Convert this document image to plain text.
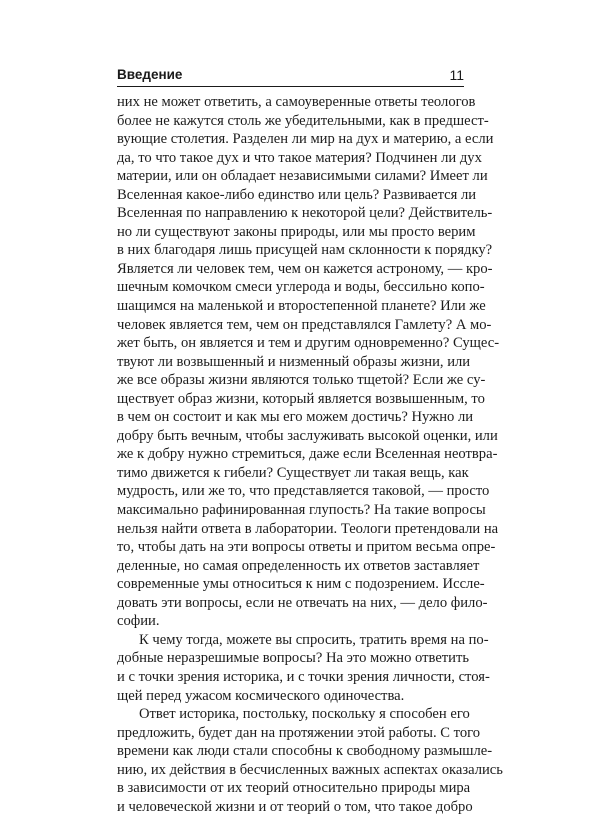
Введение	11

них не может ответить, а самоуверенные ответы теологов
более не кажутся столь же убедительными, как в предшест-
вующие столетия. Разделен ли мир на дух и материю, а если
да, то что такое дух и что такое материя? Подчинен ли дух
материи, или он обладает независимыми силами? Имеет ли
Вселенная какое-либо единство или цель? Развивается ли
Вселенная по направлению к некоторой цели? Действитель-
но ли существуют законы природы, или мы просто верим
в них благодаря лишь присущей нам склонности к порядку?
Является ли человек тем, чем он кажется астроному, — кро-
шечным комочком смеси углерода и воды, бессильно копо-
шащимся на маленькой и второстепенной планете? Или же
человек является тем, чем он представлялся Гамлету? А мо-
жет быть, он является и тем и другим одновременно? Сущес-
твуют ли возвышенный и низменный образы жизни, или
же все образы жизни являются только тщетой? Если же су-
ществует образ жизни, который является возвышенным, то
в чем он состоит и как мы его можем достичь? Нужно ли
добру быть вечным, чтобы заслуживать высокой оценки, или
же к добру нужно стремиться, даже если Вселенная неотвра-
тимо движется к гибели? Существует ли такая вещь, как
мудрость, или же то, что представляется таковой, — просто
максимально рафинированная глупость? На такие вопросы
нельзя найти ответа в лаборатории. Теологи претендовали на
то, чтобы дать на эти вопросы ответы и притом весьма опре-
деленные, но самая определенность их ответов заставляет
современные умы относиться к ним с подозрением. Исслe-
довать эти вопросы, если не отвечать на них, — дело фило-
софии.

К чему тогда, можете вы спросить, тратить время на по-
добные неразрешимые вопросы? На это можно ответить
и с точки зрения историка, и с точки зрения личности, стоя-
щей перед ужасом космического одиночества.

Ответ историка, постольку, поскольку я способен его
предложить, будет дан на протяжении этой работы. С того
времени как люди стали способны к свободному размышле-
нию, их действия в бесчисленных важных аспектах оказались
в зависимости от их теорий относительно природы мира
и человеческой жизни и от теорий о том, что такое добро
